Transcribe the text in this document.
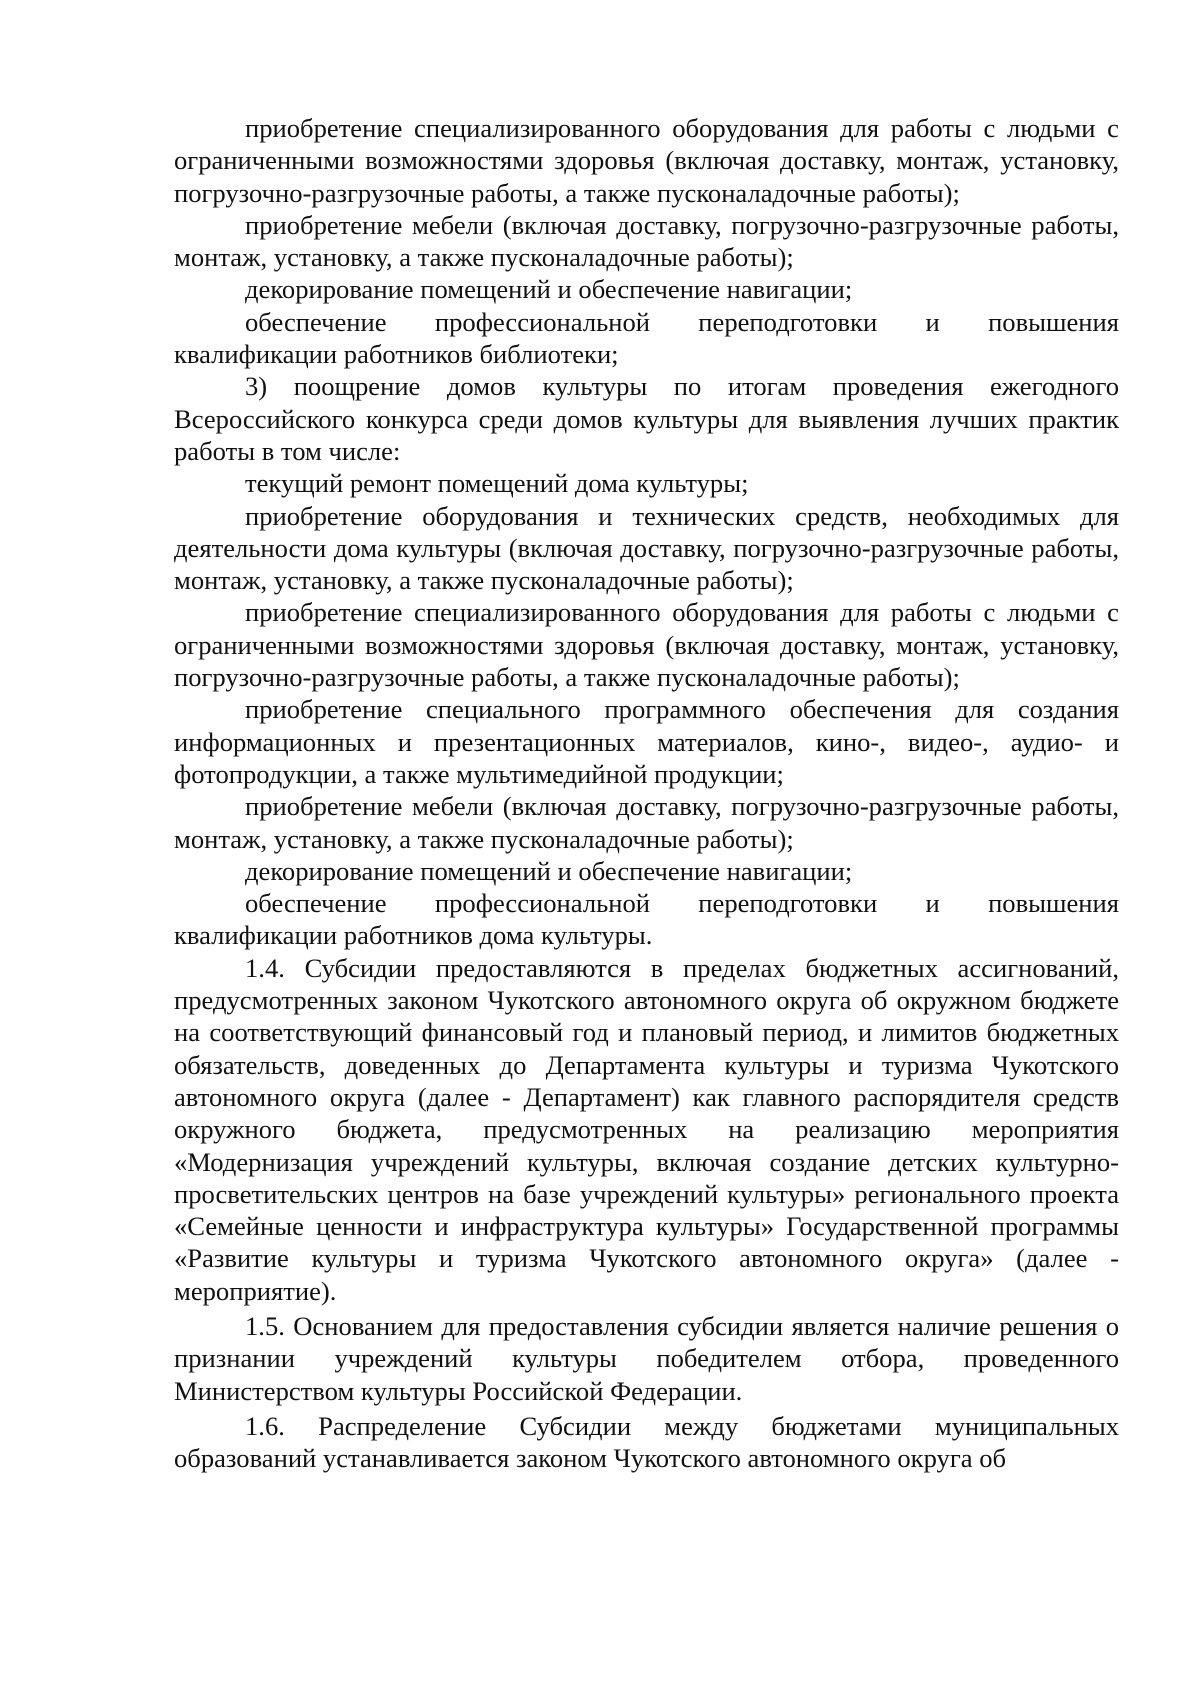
приобретение специализированного оборудования для работы с людьми с ограниченными возможностями здоровья (включая доставку, монтаж, установку, погрузочно-разгрузочные работы, а также пусконаладочные работы);

приобретение мебели (включая доставку, погрузочно-разгрузочные работы, монтаж, установку, а также пусконаладочные работы);

декорирование помещений и обеспечение навигации;

обеспечение профессиональной переподготовки и повышения квалификации работников библиотеки;

3) поощрение домов культуры по итогам проведения ежегодного Всероссийского конкурса среди домов культуры для выявления лучших практик работы в том числе:

текущий ремонт помещений дома культуры;

приобретение оборудования и технических средств, необходимых для деятельности дома культуры (включая доставку, погрузочно-разгрузочные работы, монтаж, установку, а также пусконаладочные работы);

приобретение специализированного оборудования для работы с людьми с ограниченными возможностями здоровья (включая доставку, монтаж, установку, погрузочно-разгрузочные работы, а также пусконаладочные работы);

приобретение специального программного обеспечения для создания информационных и презентационных материалов, кино-, видео-, аудио- и фотопродукции, а также мультимедийной продукции;

приобретение мебели (включая доставку, погрузочно-разгрузочные работы, монтаж, установку, а также пусконаладочные работы);

декорирование помещений и обеспечение навигации;

обеспечение профессиональной переподготовки и повышения квалификации работников дома культуры.

1.4. Субсидии предоставляются в пределах бюджетных ассигнований, предусмотренных законом Чукотского автономного округа об окружном бюджете на соответствующий финансовый год и плановый период, и лимитов бюджетных обязательств, доведенных до Департамента культуры и туризма Чукотского автономного округа (далее - Департамент) как главного распорядителя средств окружного бюджета, предусмотренных на реализацию мероприятия «Модернизация учреждений культуры, включая создание детских культурно-просветительских центров на базе учреждений культуры» регионального проекта «Семейные ценности и инфраструктура культуры» Государственной программы «Развитие культуры и туризма Чукотского автономного округа» (далее - мероприятие).

1.5. Основанием для предоставления субсидии является наличие решения о признании учреждений культуры победителем отбора, проведенного Министерством культуры Российской Федерации.

1.6. Распределение Субсидии между бюджетами муниципальных образований устанавливается законом Чукотского автономного округа об
